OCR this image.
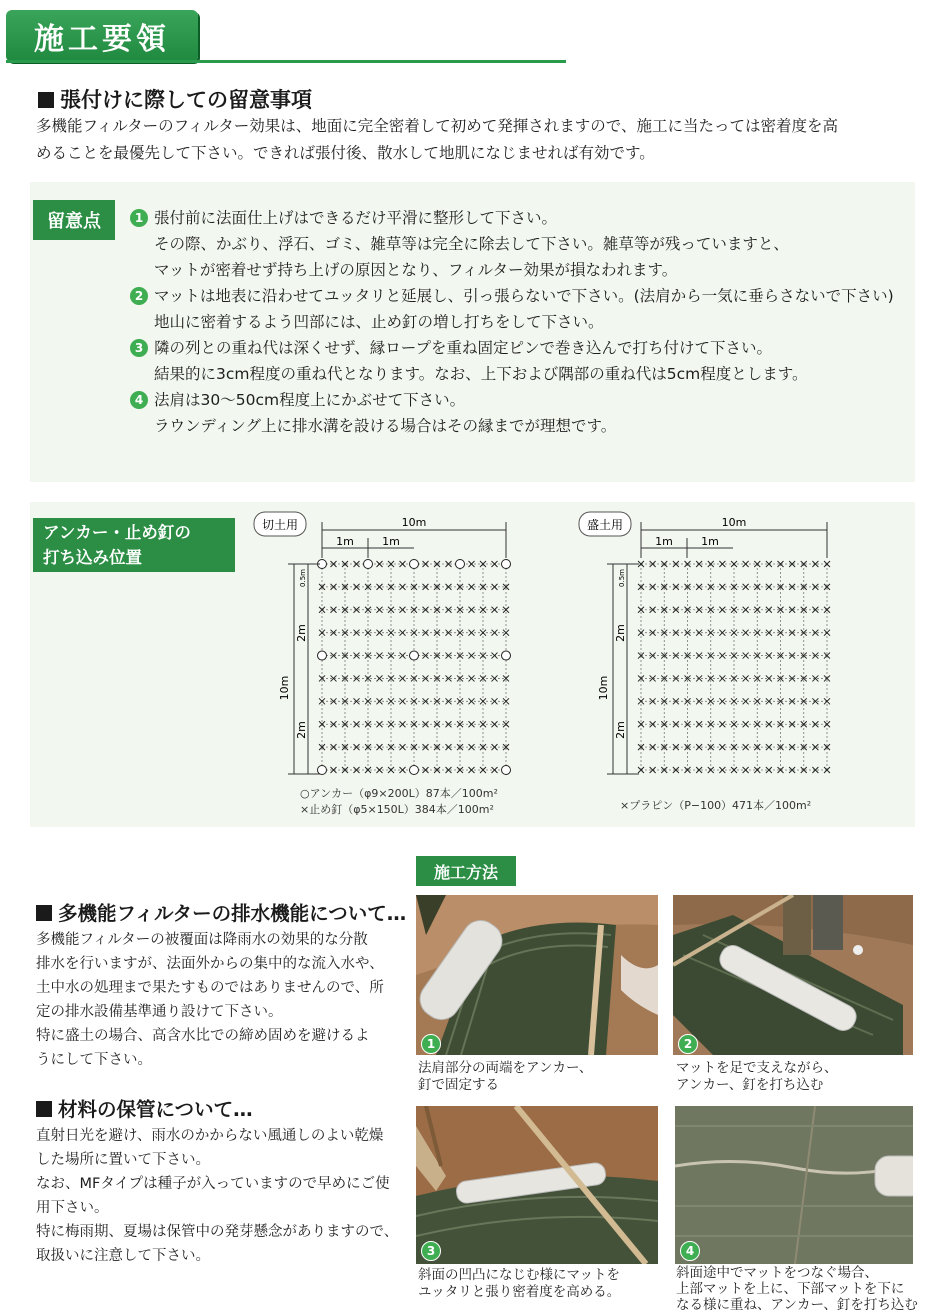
施工要領
張付けに際しての留意事項
多機能フィルターのフィルター効果は、地面に完全密着して初めて発揮されますので、施工に当たっては密着度を高
めることを最優先して下さい。できれば張付後、散水して地肌になじませれば有効です。
留意点	1 張付前に法面仕上げはできるだけ平滑に整形して下さい。
その際、かぶり、浮石、ゴミ、雑草等は完全に除去して下さい。雑草等が残っていますと、
マットが密着せず持ち上げの原因となり、フィルター効果が損なわれます。
2 マットは地表に沿わせてユッタリと延展し、引っ張らないで下さい。(法肩から一気に垂らさないで下さい)
地山に密着するよう凹部には、止め釘の増し打ちをして下さい。
3 隣の列との重ね代は深くせず、縁ロープを重ね固定ピンで巻き込んで打ち付けて下さい。
結果的に3cm程度の重ね代となります。なお、上下および隅部の重ね代は5cm程度とします。
4 法肩は30～50cm程度上にかぶせて下さい。
ラウンディング上に排水溝を設ける場合はその縁までが理想です。
アンカー・止め釘の
打ち込み位置
切土用	10m
1m	1m
10m
0.5m
2m
2m
○アンカー（φ9×200L）87本／100m²
×止め釘（φ5×150L）384本／100m²
盛土用	10m
1m	1m
10m
0.5m
2m
2m
×プラピン（P−100）471本／100m²
多機能フィルターの排水機能について…
多機能フィルターの被覆面は降雨水の効果的な分散
排水を行いますが、法面外からの集中的な流入水や、
土中水の処理まで果たすものではありませんので、所
定の排水設備基準通り設けて下さい。
特に盛土の場合、高含水比での締め固めを避けるよ
うにして下さい。
材料の保管について…
直射日光を避け、雨水のかからない風通しのよい乾燥
した場所に置いて下さい。
なお、MFタイプは種子が入っていますので早めにご使
用下さい。
特に梅雨期、夏場は保管中の発芽懸念がありますので、
取扱いに注意して下さい。
施工方法
1
法肩部分の両端をアンカー、
釘で固定する
2
マットを足で支えながら、
アンカー、釘を打ち込む
3
斜面の凹凸になじむ様にマットを
ユッタリと張り密着度を高める。
4
斜面途中でマットをつなぐ場合、
上部マットを上に、下部マットを下に
なる様に重ね、アンカー、釘を打ち込む
